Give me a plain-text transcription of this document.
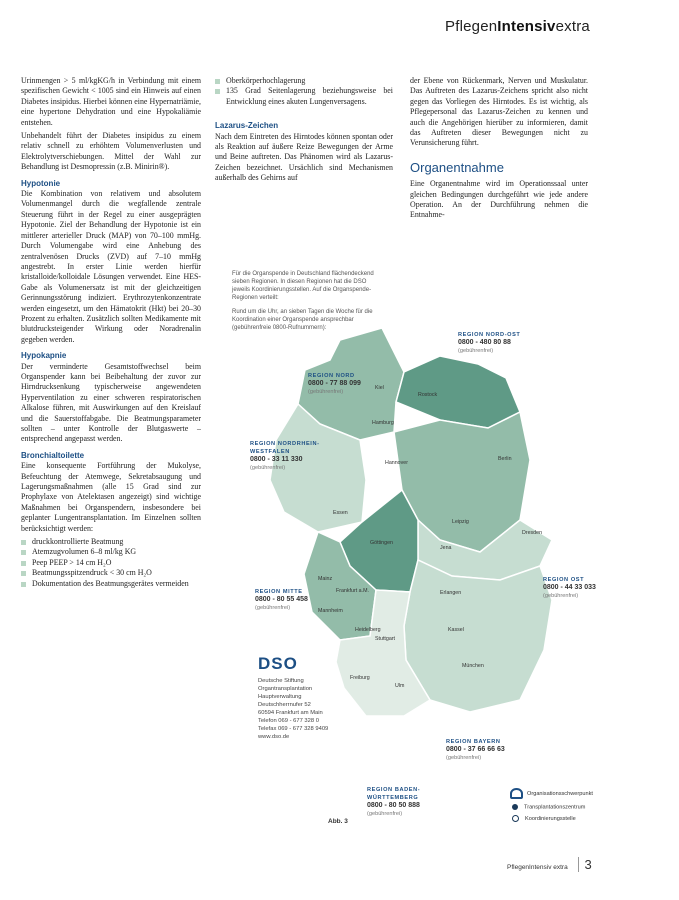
PflegenIntensivextra

Urinmengen > 5 ml/kgKG/h in Verbindung mit einem spezifischen Gewicht < 1005 sind ein Hinweis auf einen Diabetes insipidus. Hierbei können eine Hypernatriämie, eine hypertone Dehydration und eine Hypokaliämie entstehen.

Unbehandelt führt der Diabetes insipidus zu einem relativ schnell zu erhöhtem Volumenverlusten und Elektrolytverschiebungen. Mittel der Wahl zur Behandlung ist Desmopressin (z.B. Minirin®).

Hypotonie

Die Kombination von relativem und absolutem Volumenmangel durch die wegfallende zentrale Steuerung führt in der Regel zu einer ausgeprägten Hypotonie. Ziel der Behandlung der Hypotonie ist ein mittlerer arterieller Druck (MAP) von 70–100 mmHg. Durch Volumengabe wird eine Anhebung des zentralvenösen Drucks (ZVD) auf 7–10 mmHg angestrebt. In erster Linie werden hierfür kristalloide/kolloidale Lösungen verwendet. Eine HES-Gabe als Volumenersatz ist mit der gleichzeitigen Gerinnungsstörung indiziert. Erythrozytenkonzentrate werden eingesetzt, um den Hämatokrit (Hkt) bei 20–30 Prozent zu erhalten. Zusätzlich sollten Medikamente mit blutdrucksteigender Wirkung oder Noradrenalin gegeben werden.

Hypokapnie

Der verminderte Gesamtstoffwechsel beim Organspender kann bei Beibehaltung der zuvor zur Hirndrucksenkung typischerweise angewendeten Hyperventilation zu einer schweren respiratorischen Alkalose führen, mit Auswirkungen auf den Kreislauf und die Sauerstoffabgabe. Die Beatmungsparameter sollten – unter Kontrolle der Blutgaswerte – entsprechend angepasst werden.

Bronchialtoilette

Eine konsequente Fortführung der Mukolyse, Befeuchtung der Atemwege, Sekretabsaugung und Lagerungsmaßnahmen (alle 15 Grad sind zur Prophylaxe von Atelektasen angezeigt) sind wichtige Maßnahmen bei Organspendern, insbesondere bei geplanter Lungentransplantation. Im Einzelnen sollten berücksichtigt werden:

druckkontrollierte Beatmung
Atemzugvolumen 6–8 ml/kg KG
Peep PEEP > 14 cm H₂O
Beatmungsspitzendruck < 30 cm H₂O
Dokumentation des Beatmungsgerätes vermeiden
Oberkörperhochlagerung
135 Grad Seitenlagerung beziehungsweise bei Entwicklung eines akuten Lungenversagens.
Lazarus-Zeichen

Nach dem Eintreten des Hirntodes können spontan oder als Reaktion auf äußere Reize Bewegungen der Arme und Beine auftreten. Das Phänomen wird als Lazarus-Zeichen bezeichnet. Ursächlich sind Mechanismen außerhalb des Gehirns auf

der Ebene von Rückenmark, Nerven und Muskulatur. Das Auftreten des Lazarus-Zeichens spricht also nicht gegen das Vorliegen des Hirntodes. Es ist wichtig, als Pflegepersonal das Lazarus-Zeichen zu kennen und auch die Angehörigen hierüber zu informieren, damit das Auftreten dieser Bewegungen nicht zu Verunsicherung führt.

Organentnahme

Eine Organentnahme wird im Operationssaal unter gleichen Bedingungen durchgeführt wie jede andere Operation. An der Durchführung nehmen die Entnahme-

Für die Organspende in Deutschland flächendeckend sieben Regionen. In diesen Regionen hat die DSO jeweils Koordinierungsstellen. Auf die Organspende-Regionen verteilt:
Rund um die Uhr, an sieben Tagen die Woche für die Koordination einer Organspende ansprechbar (gebührenfreie 0800-Rufnummern):
REGION NORD-OST
0800 - 480 80 88
(gebührenfrei)
REGION NORD
0800 - 77 88 099
(gebührenfrei)
REGION NORDRHEIN-WESTFALEN
0800 - 33 11 330
(gebührenfrei)
REGION OST
0800 - 44 33 033
(gebührenfrei)
REGION MITTE
0800 - 80 55 458
(gebührenfrei)
REGION BAYERN
0800 - 37 66 66 63
(gebührenfrei)
REGION BADEN-WÜRTTEMBERG
0800 - 80 50 888
(gebührenfrei)
Kiel
Rostock
Hamburg
Berlin
Hannover
Essen
Leipzig
Dresden
Göttingen
Jena
Mainz
Frankfurt a.M.	Erlangen
Mannheim
Heidelberg
Stuttgart
München
Freiburg
Ulm
Kassel
DSO
Deutsche Stiftung Organtransplantation
Hauptverwaltung
Deutschherrnufer 52
60594 Frankfurt am Main
Telefon 069 - 677 328 0
Telefax 069 - 677 328 9409
www.dso.de
Organisationsschwerpunkt
Transplantationszentrum
Koordinierungsstelle
Abb. 3
PflegenIntensiv extra 3
